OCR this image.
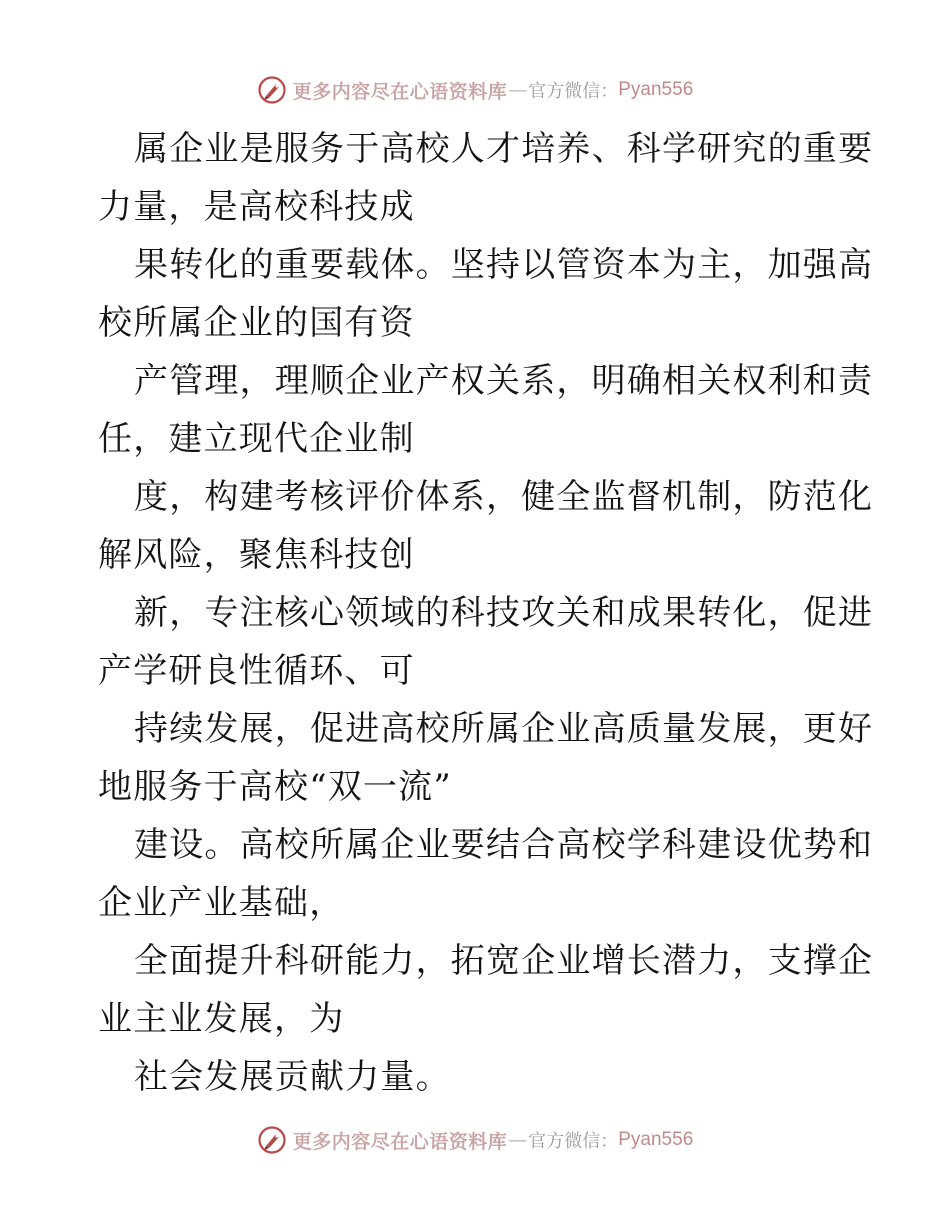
更多内容尽在心语资料库 — 官方微信： Pyan556
属企业是服务于高校人才培养、科学研究的重要
力量，是高校科技成
果转化的重要载体。坚持以管资本为主，加强高
校所属企业的国有资
产管理，理顺企业产权关系，明确相关权利和责
任，建立现代企业制
度，构建考核评价体系，健全监督机制，防范化
解风险，聚焦科技创
新，专注核心领域的科技攻关和成果转化，促进
产学研良性循环、可
持续发展，促进高校所属企业高质量发展，更好
地服务于高校“双一流”
建设。高校所属企业要结合高校学科建设优势和
企业产业基础，
全面提升科研能力，拓宽企业增长潜力，支撑企
业主业发展，为
社会发展贡献力量。
更多内容尽在心语资料库 — 官方微信： Pyan556
